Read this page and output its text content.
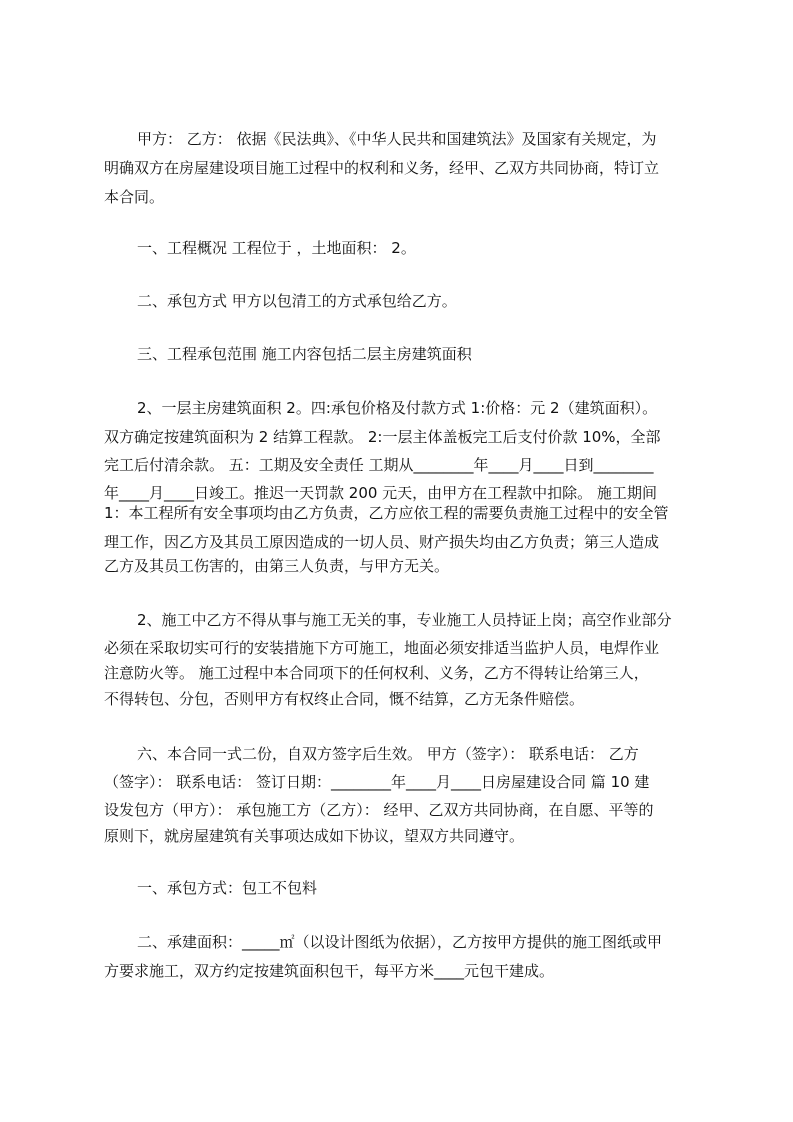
甲方： 乙方： 依据《民法典》、《中华人民共和国建筑法》及国家有关规定，为
明确双方在房屋建设项目施工过程中的权利和义务，经甲、乙双方共同协商，特订立
本合同。
一、工程概况 工程位于 ，土地面积： 2。
二、承包方式 甲方以包清工的方式承包给乙方。
三、工程承包范围 施工内容包括二层主房建筑面积
2、一层主房建筑面积 2。四:承包价格及付款方式 1:价格：元 2（建筑面积）。
双方确定按建筑面积为 2 结算工程款。 2:一层主体盖板完工后支付价款 10%，全部
完工后付清余款。 五：工期及安全责任 工期从________年____月____日到________
年____月____日竣工。推迟一天罚款 200 元天，由甲方在工程款中扣除。 施工期间
1：本工程所有安全事项均由乙方负责，乙方应依工程的需要负责施工过程中的安全管
理工作，因乙方及其员工原因造成的一切人员、财产损失均由乙方负责；第三人造成
乙方及其员工伤害的，由第三人负责，与甲方无关。
2、施工中乙方不得从事与施工无关的事，专业施工人员持证上岗；高空作业部分
必须在采取切实可行的安装措施下方可施工，地面必须安排适当监护人员，电焊作业
注意防火等。 施工过程中本合同项下的任何权利、义务，乙方不得转让给第三人，
不得转包、分包，否则甲方有权终止合同，慨不结算，乙方无条件赔偿。
六、本合同一式二份，自双方签字后生效。 甲方（签字）： 联系电话： 乙方
（签字）： 联系电话： 签订日期：________年____月____日房屋建设合同 篇 10 建
设发包方（甲方）： 承包施工方（乙方）： 经甲、乙双方共同协商，在自愿、平等的
原则下，就房屋建筑有关事项达成如下协议，望双方共同遵守。
一、承包方式：包工不包料
二、承建面积：_____㎡（以设计图纸为依据），乙方按甲方提供的施工图纸或甲
方要求施工，双方约定按建筑面积包干，每平方米____元包干建成。
